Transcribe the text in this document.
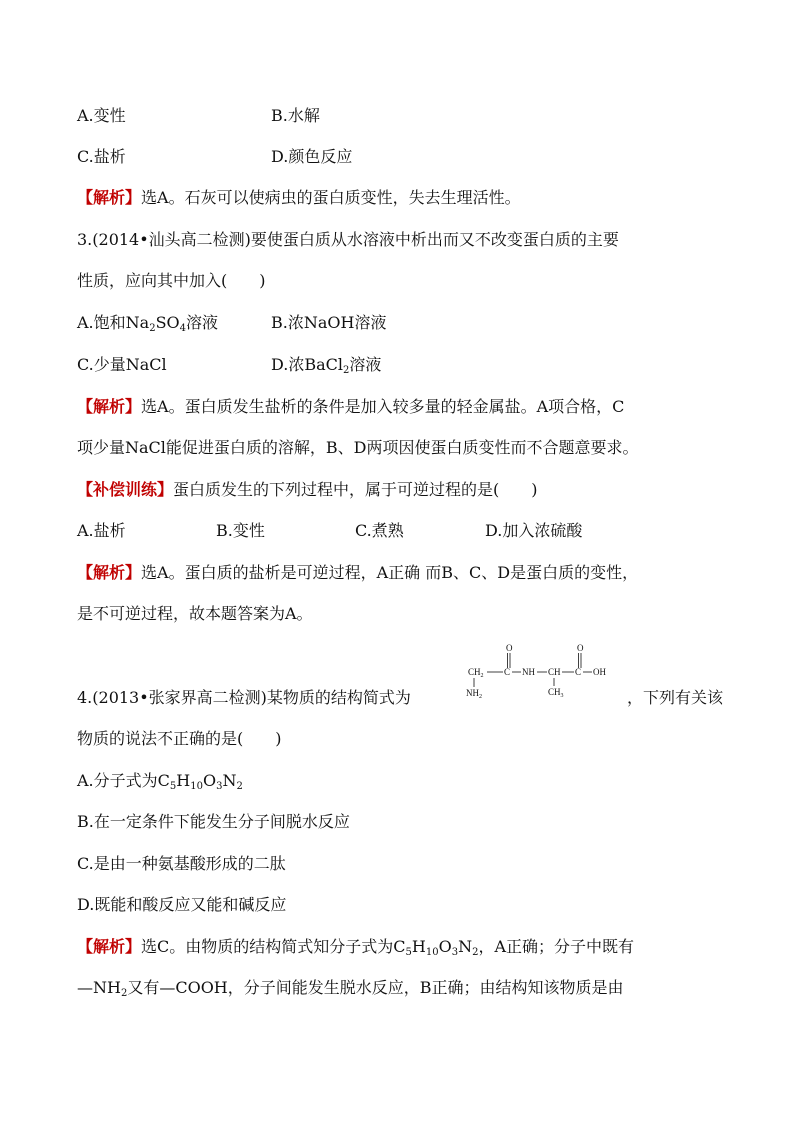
A.变性	B.水解
C.盐析	D.颜色反应
【解析】选A。石灰可以使病虫的蛋白质变性，失去生理活性。
3.(2014•汕头高二检测)要使蛋白质从水溶液中析出而又不改变蛋白质的主要
性质，应向其中加入(　　)
A.饱和$Na_2SO_4$溶液	B.浓NaOH溶液
C.少量NaCl	D.浓BaCl$_2$溶液
【解析】选A。蛋白质发生盐析的条件是加入较多量的轻金属盐。A项合格，C
项少量NaCl能促进蛋白质的溶解，B、D两项因使蛋白质变性而不合题意要求。
【补偿训练】蛋白质发生的下列过程中，属于可逆过程的是(　　)
A.盐析	B.变性	C.煮熟	D.加入浓硫酸
【解析】选A。蛋白质的盐析是可逆过程，A正确 而B、C、D是蛋白质的变性，
是不可逆过程，故本题答案为A。
4.(2013•张家界高二检测)某物质的结构简式为	，下列有关该
O	O
$CH_2$ C NH CH C OH
$NH_2$	$CH_3$
物质的说法不正确的是(　　)
A.分子式为$C_5H_{10}O_3N_2$
B.在一定条件下能发生分子间脱水反应
C.是由一种氨基酸形成的二肽
D.既能和酸反应又能和碱反应
【解析】选C。由物质的结构简式知分子式为$C_5H_{10}O_3N_2$，A正确；分子中既有
$—NH_2$又有—COOH，分子间能发生脱水反应，B正确；由结构知该物质是由
